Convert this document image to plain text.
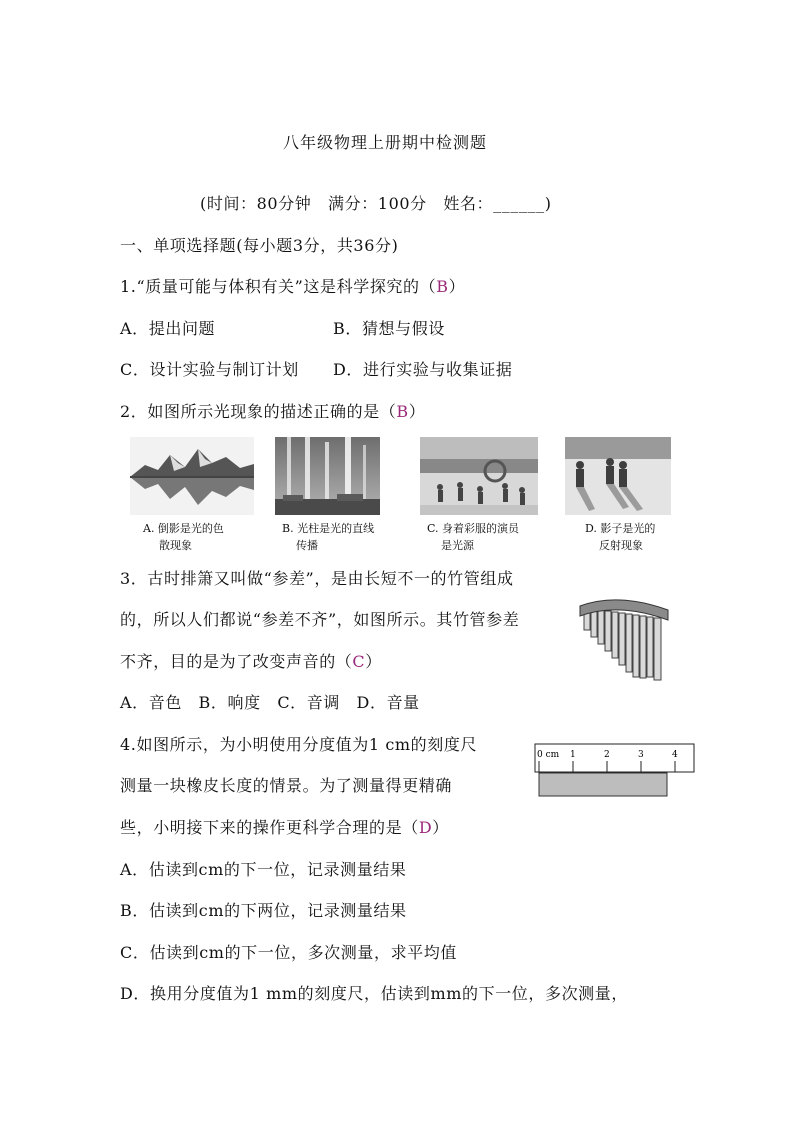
八年级物理上册期中检测题
(时间：80分钟　满分：100分　姓名：______)
一、单项选择题(每小题3分，共36分)
1.“质量可能与体积有关”这是科学探究的（B）
A．提出问题	B．猜想与假设
C．设计实验与制订计划 D．进行实验与收集证据
2．如图所示光现象的描述正确的是（B）
A. 倒影是光的色
散现象
B. 光柱是光的直线
传播
C. 身着彩服的演员
是光源
D. 影子是光的
反射现象
3．古时排箫又叫做“参差”，是由长短不一的竹管组成
的，所以人们都说“参差不齐”，如图所示。其竹管参差
不齐，目的是为了改变声音的（C）
A．音色　B．响度　C．音调　D．音量
4.如图所示，为小明使用分度值为1 cm的刻度尺
测量一块橡皮长度的情景。为了测量得更精确
些，小明接下来的操作更科学合理的是（D）
0 cm 1	2	3	4
A．估读到cm的下一位，记录测量结果
B．估读到cm的下两位，记录测量结果
C．估读到cm的下一位，多次测量，求平均值
D．换用分度值为1 mm的刻度尺，估读到mm的下一位，多次测量，
